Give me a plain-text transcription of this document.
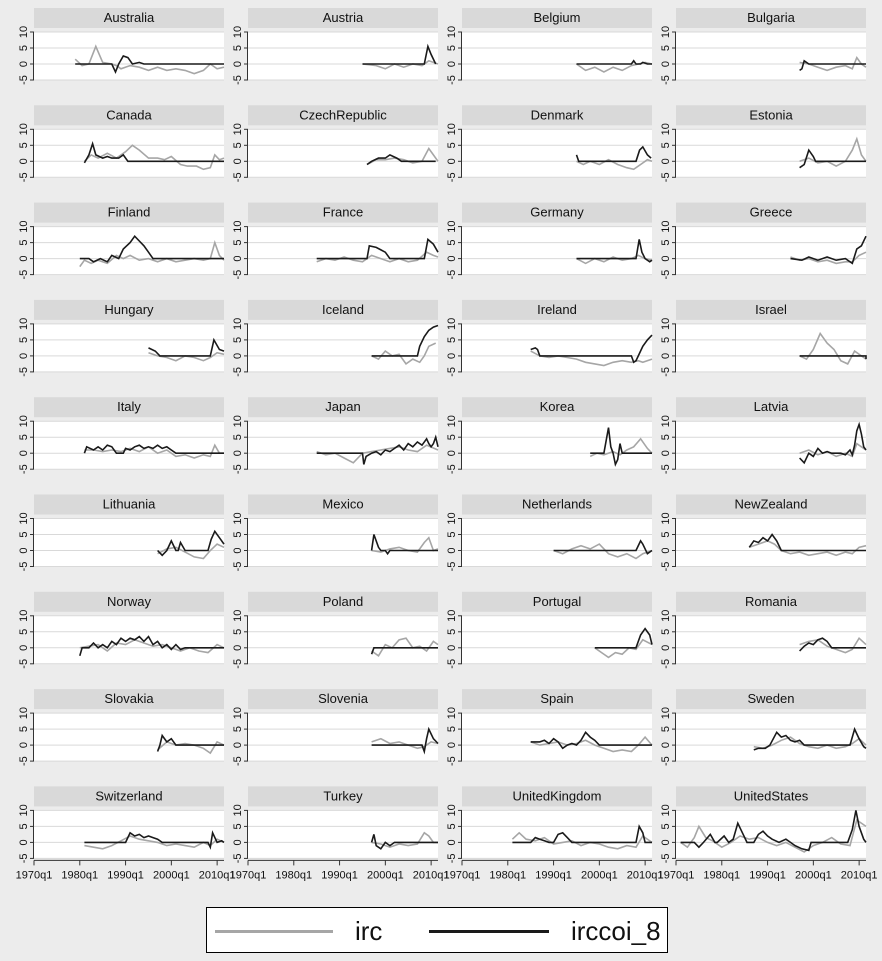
Australia
-5
0
5
10
Austria
-5
0
5
10
Belgium
-5
0
5
10
Bulgaria
-5
0
5
10
Canada
-5
0
5
10
CzechRepublic
-5
0
5
10
Denmark
-5
0
5
10
Estonia
-5
0
5
10
Finland
-5
0
5
10
France
-5
0
5
10
Germany
-5
0
5
10
Greece
-5
0
5
10
Hungary
-5
0
5
10
Iceland
-5
0
5
10
Ireland
-5
0
5
10
Israel
-5
0
5
10
Italy
-5
0
5
10
Japan
-5
0
5
10
Korea
-5
0
5
10
Latvia
-5
0
5
10
Lithuania
-5
0
5
10
Mexico
-5
0
5
10
Netherlands
-5
0
5
10
NewZealand
-5
0
5
10
Norway
-5
0
5
10
Poland
-5
0
5
10
Portugal
-5
0
5
10
Romania
-5
0
5
10
Slovakia
-5
0
5
10
Slovenia
-5
0
5
10
Spain
-5
0
5
10
Sweden
-5
0
5
10
Switzerland
-5
0
5
10
1970q1 1980q1 1990q1 2000q1 2010q1
Turkey
-5
0
5
10
1970q1 1980q1 1990q1 2000q1 2010q1
UnitedKingdom
-5
0
5
10
1970q1 1980q1 1990q1 2000q1 2010q1
UnitedStates
-5
0
5
10
1970q1 1980q1 1990q1 2000q1 2010q1
irc	irccoi_8
